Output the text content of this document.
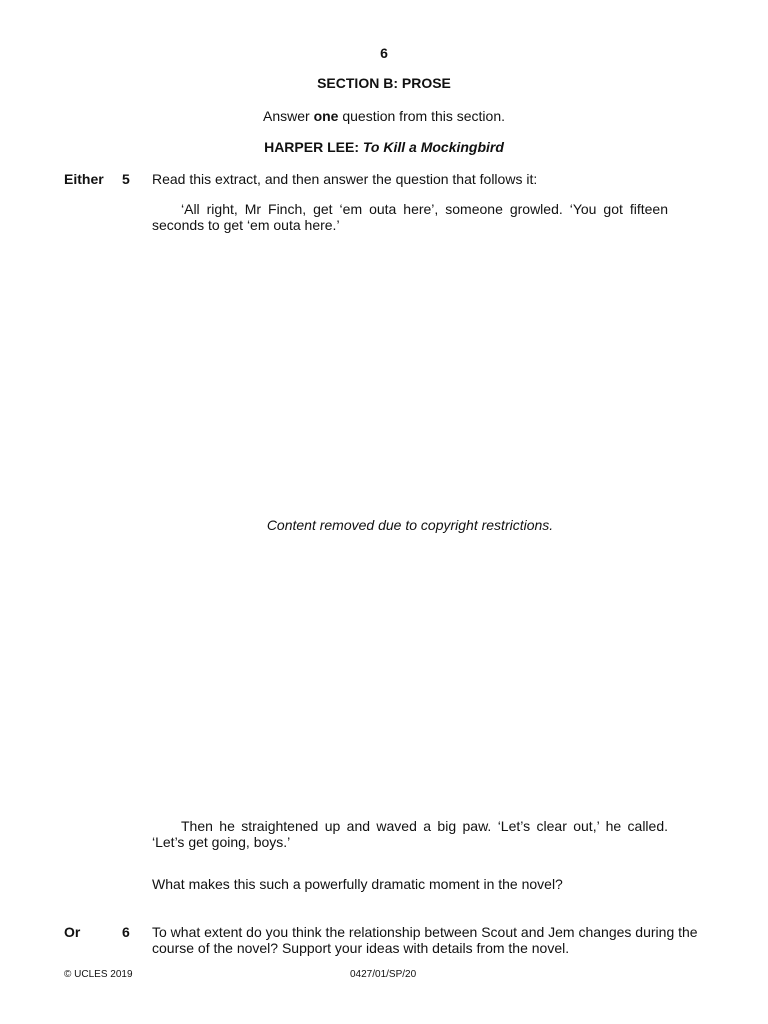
6
SECTION B: PROSE
Answer one question from this section.
HARPER LEE: To Kill a Mockingbird
Either 5 Read this extract, and then answer the question that follows it:
‘All right, Mr Finch, get ‘em outa here’, someone growled. ‘You got fifteen seconds to get ‘em outa here.’
Content removed due to copyright restrictions.
Then he straightened up and waved a big paw. ‘Let’s clear out,’ he called. ‘Let’s get going, boys.’
What makes this such a powerfully dramatic moment in the novel?
Or	6 To what extent do you think the relationship between Scout and Jem changes during the course of the novel? Support your ideas with details from the novel.
© UCLES 2019	0427/01/SP/20
